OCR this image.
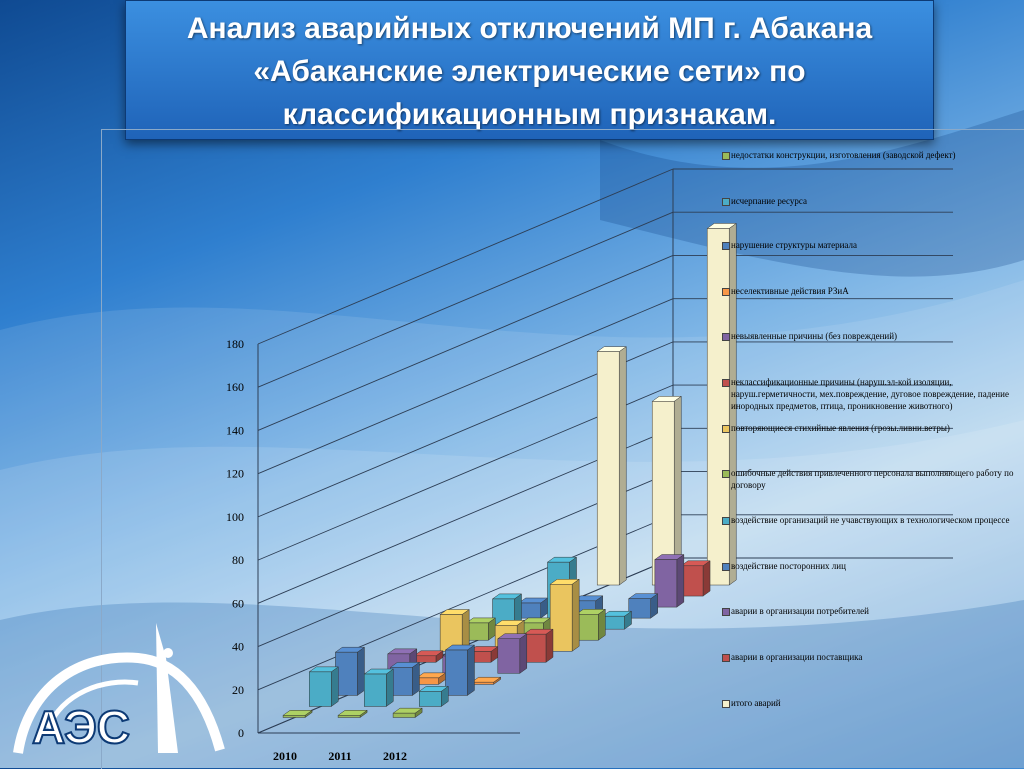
Анализ аварийных отключений МП г. Абакана
«Абаканские электрические сети» по
классификационным признакам.
0
20
40
60
80
100
120
140
160
180
2010	2011	2012
недостатки конструкции, изготовления (заводской дефект)
исчерпание ресурса
нарушение структуры материала
неселективные действия РЗиА
невыявленные причины (без повреждений)
неклассификационные причины (наруш.эл-кой изоляции, наруш.герметичности, мех.повреждение, дуговое повреждение, падение инородных предметов, птица, проникновение животного)
повторяющиеся стихийные явления (грозы.ливни.ветры)
ошибочные действия привлеченного персонала выполняющего работу по договору
воздействие организаций не учавствующих в технологическом процессе
воздействие посторонних лиц
аварии в организации потребителей
аварии в организации поставщика
итого аварий
АЭС
